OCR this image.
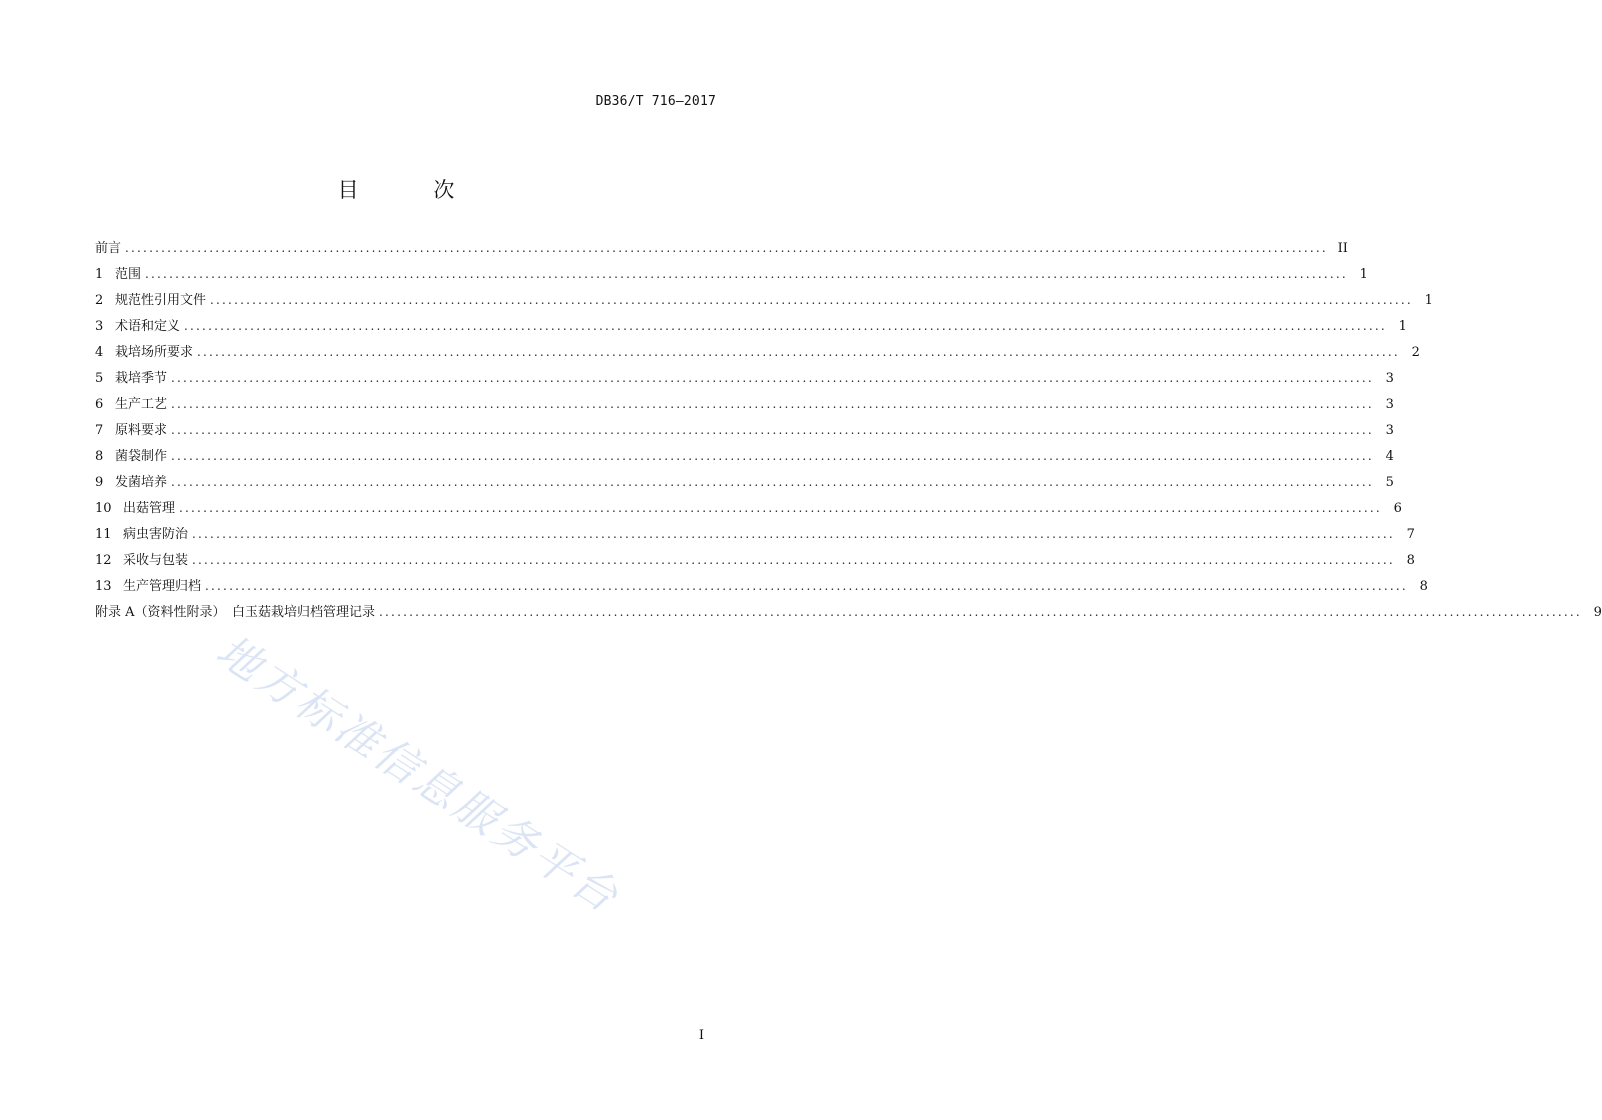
DB36/T 716—2017
目 次
前言 ........................................................................................................................................................................................................ II
1 范围 ........................................................................................................................................................................................................ 1
2 规范性引用文件 ........................................................................................................................................................................................................ 1
3 术语和定义 ........................................................................................................................................................................................................ 1
4 栽培场所要求 ........................................................................................................................................................................................................ 2
5 栽培季节 ........................................................................................................................................................................................................ 3
6 生产工艺 ........................................................................................................................................................................................................ 3
7 原料要求 ........................................................................................................................................................................................................ 3
8 菌袋制作 ........................................................................................................................................................................................................ 4
9 发菌培养 ........................................................................................................................................................................................................ 5
10 出菇管理 ........................................................................................................................................................................................................ 6
11 病虫害防治 ........................................................................................................................................................................................................ 7
12 采收与包装 ........................................................................................................................................................................................................ 8
13 生产管理归档 ........................................................................................................................................................................................................ 8
附录 A（资料性附录）　白玉菇栽培归档管理记录 ........................................................................................................................................................................................................ 9
地方标准信息服务平台
I
